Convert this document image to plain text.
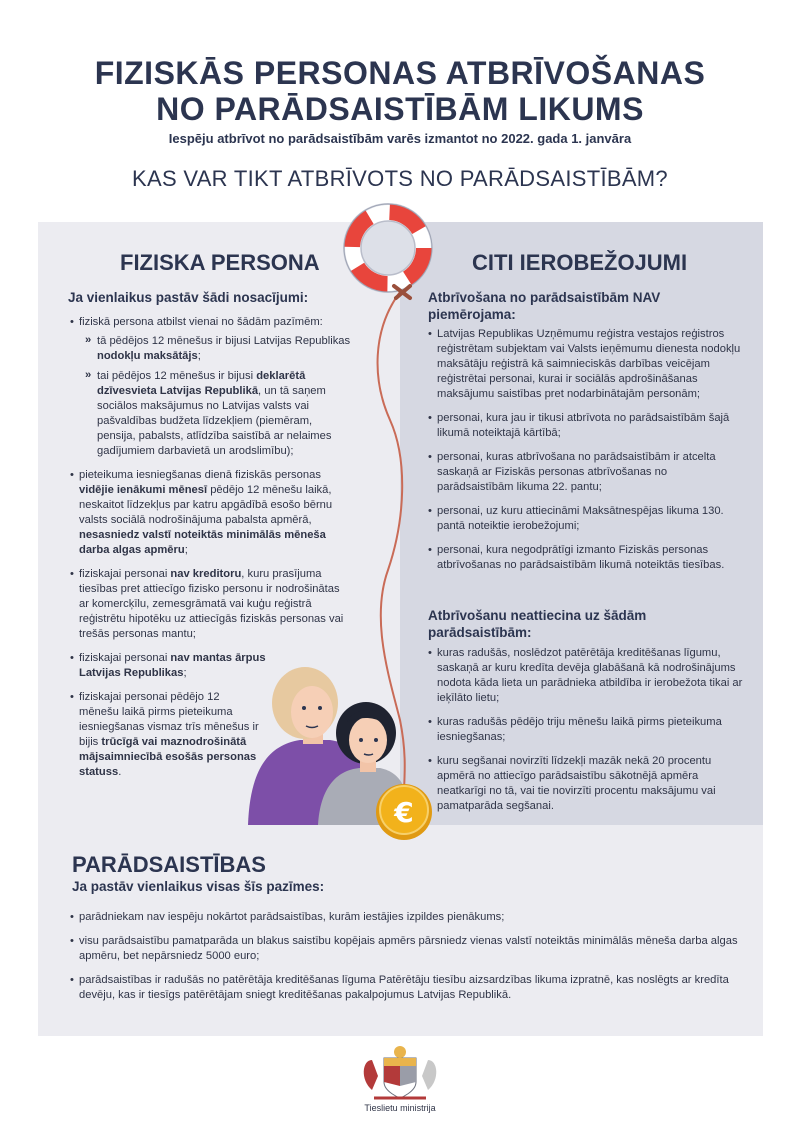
FIZISKĀS PERSONAS ATBRĪVOŠANAS
NO PARĀDSAISTĪBĀM LIKUMS
Iespēju atbrīvot no parādsaistībām varēs izmantot no 2022. gada 1. janvāra
KAS VAR TIKT ATBRĪVOTS NO PARĀDSAISTĪBĀM?
€
FIZISKA PERSONA
Ja vienlaikus pastāv šādi nosacījumi:
• fiziskā persona atbilst vienai no šādām pazīmēm:
» tā pēdējos 12 mēnešus ir bijusi Latvijas Republikas nodokļu maksātājs;
» tai pēdējos 12 mēnešus ir bijusi deklarētā dzīvesvieta Latvijas Republikā, un tā saņem sociālos maksājumus no Latvijas valsts vai pašvaldības budžeta līdzekļiem (piemēram, pensija, pabalsts, atlīdzība saistībā ar nelaimes gadījumiem darbavietā un arodslimību);
• pieteikuma iesniegšanas dienā fiziskās personas vidējie ienākumi mēnesī pēdējo 12 mēnešu laikā, neskaitot līdzekļus par katru apgādībā esošo bērnu valsts sociālā nodrošinājuma pabalsta apmērā, nesasniedz valstī noteiktās minimālās mēneša darba algas apmēru;
• fiziskajai personai nav kreditoru, kuru prasījuma tiesības pret attiecīgo fizisko personu ir nodrošinātas ar komercķīlu, zemesgrāmatā vai kuģu reģistrā reģistrētu hipotēku uz attiecīgās fiziskās personas vai trešās personas mantu;
• fiziskajai personai nav mantas ārpus Latvijas Republikas;
• fiziskajai personai pēdējo 12 mēnešu laikā pirms pieteikuma iesniegšanas vismaz trīs mēnešus ir bijis trūcīgā vai maznodrošinātā mājsaimniecībā esošās personas statuss.
CITI IEROBEŽOJUMI
Atbrīvošana no parādsaistībām NAV piemērojama:
• Latvijas Republikas Uzņēmumu reģistra vestajos reģistros reģistrētam subjektam vai Valsts ieņēmumu dienesta nodokļu maksātāju reģistrā kā saimnieciskās darbības veicējam reģistrētai personai, kurai ir sociālās apdrošināšanas maksājumu saistības pret nodarbinātajām personām;
• personai, kura jau ir tikusi atbrīvota no parādsaistībām šajā likumā noteiktajā kārtībā;
• personai, kuras atbrīvošana no parādsaistībām ir atcelta saskaņā ar Fiziskās personas atbrīvošanas no parādsaistībām likuma 22. pantu;
• personai, uz kuru attiecināmi Maksātnespējas likuma 130. pantā noteiktie ierobežojumi;
• personai, kura negodprātīgi izmanto Fiziskās personas atbrīvošanas no parādsaistībām likumā noteiktās tiesības.
Atbrīvošanu neattiecina uz šādām parādsaistībām:
• kuras radušās, noslēdzot patērētāja kreditēšanas līgumu, saskaņā ar kuru kredīta devēja glabāšanā kā nodrošinājums nodota kāda lieta un parādnieka atbildība ir ierobežota tikai ar ieķīlāto lietu;
• kuras radušās pēdējo triju mēnešu laikā pirms pieteikuma iesniegšanas;
• kuru segšanai novirzīti līdzekļi mazāk nekā 20 procentu apmērā no attiecīgo parādsaistību sākotnējā apmēra neatkarīgi no tā, vai tie novirzīti procentu maksājumu vai pamatparāda segšanai.
PARĀDSAISTĪBAS
Ja pastāv vienlaikus visas šīs pazīmes:
• parādniekam nav iespēju nokārtot parādsaistības, kurām iestājies izpildes pienākums;
• visu parādsaistību pamatparāda un blakus saistību kopējais apmērs pārsniedz vienas valstī noteiktās minimālās mēneša darba algas apmēru, bet nepārsniedz 5000 euro;
• parādsaistības ir radušās no patērētāja kreditēšanas līguma Patērētāju tiesību aizsardzības likuma izpratnē, kas noslēgts ar kredīta devēju, kas ir tiesīgs patērētājam sniegt kreditēšanas pakalpojumus Latvijas Republikā.
Tieslietu ministrija
